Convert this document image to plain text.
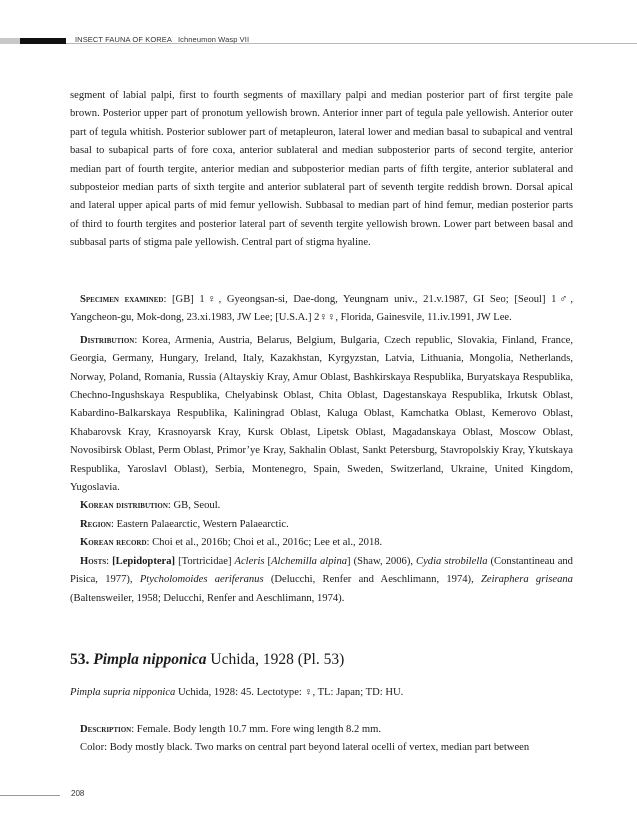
INSECT FAUNA OF KOREA Ichneumon Wasp VII

segment of labial palpi, first to fourth segments of maxillary palpi and median posterior part of first tergite pale brown. Posterior upper part of pronotum yellowish brown. Anterior inner part of tegula pale yellowish. Anterior outer part of tegula whitish. Posterior sublower part of metapleuron, lateral lower and median basal to subapical and ventral basal to subapical parts of fore coxa, anterior sublateral and median subposterior parts of second tergite, anterior median part of fourth tergite, anterior median and subposterior median parts of fifth tergite, anterior sublateral and subposteior median parts of sixth tergite and anterior sublateral part of seventh tergite reddish brown. Dorsal apical and lateral upper apical parts of mid femur yellowish. Subbasal to median part of hind femur, median posterior parts of third to fourth tergites and posterior lateral part of seventh tergite yellowish brown. Lower part between basal and subbasal parts of stigma pale yellowish. Central part of stigma hyaline.

Specimen examined: [GB] 1♀, Gyeongsan-si, Dae-dong, Yeungnam univ., 21.v.1987, GI Seo; [Seoul] 1♂, Yangcheon-gu, Mok-dong, 23.xi.1983, JW Lee; [U.S.A.] 2♀♀, Florida, Gainesvile, 11.iv.1991, JW Lee.

Distribution: Korea, Armenia, Austria, Belarus, Belgium, Bulgaria, Czech republic, Slovakia, Finland, France, Georgia, Germany, Hungary, Ireland, Italy, Kazakhstan, Kyrgyzstan, Latvia, Lithuania, Mongolia, Netherlands, Norway, Poland, Romania, Russia (Altayskiy Kray, Amur Oblast, Bashkirskaya Respublika, Buryatskaya Respublika, Chechno-Ingushskaya Respublika, Chelyabinsk Oblast, Chita Oblast, Dagestanskaya Respublika, Irkutsk Oblast, Kabardino-Balkarskaya Respublika, Kaliningrad Oblast, Kaluga Oblast, Kamchatka Oblast, Kemerovo Oblast, Khabarovsk Kray, Krasnoyarsk Kray, Kursk Oblast, Lipetsk Oblast, Magadanskaya Oblast, Moscow Oblast, Novosibirsk Oblast, Perm Oblast, Primor’ye Kray, Sakhalin Oblast, Sankt Petersburg, Stavropolskiy Kray, Ykutskaya Respublika, Yaroslavl Oblast), Serbia, Montenegro, Spain, Sweden, Switzerland, Ukraine, United Kingdom, Yugoslavia.

Korean distribution: GB, Seoul.

Region: Eastern Palaearctic, Western Palaearctic.

Korean record: Choi et al., 2016b; Choi et al., 2016c; Lee et al., 2018.

Hosts: [Lepidoptera] [Tortricidae] Acleris [Alchemilla alpina] (Shaw, 2006), Cydia strobilella (Constantineau and Pisica, 1977), Ptycholomoides aeriferanus (Delucchi, Renfer and Aeschlimann, 1974), Zeiraphera griseana (Baltensweiler, 1958; Delucchi, Renfer and Aeschlimann, 1974).

53. Pimpla nipponica Uchida, 1928 (Pl. 53)

Pimpla supria nipponica Uchida, 1928: 45. Lectotype: ♀, TL: Japan; TD: HU.

Description: Female. Body length 10.7 mm. Fore wing length 8.2 mm.

Color: Body mostly black. Two marks on central part beyond lateral ocelli of vertex, median part between

208
